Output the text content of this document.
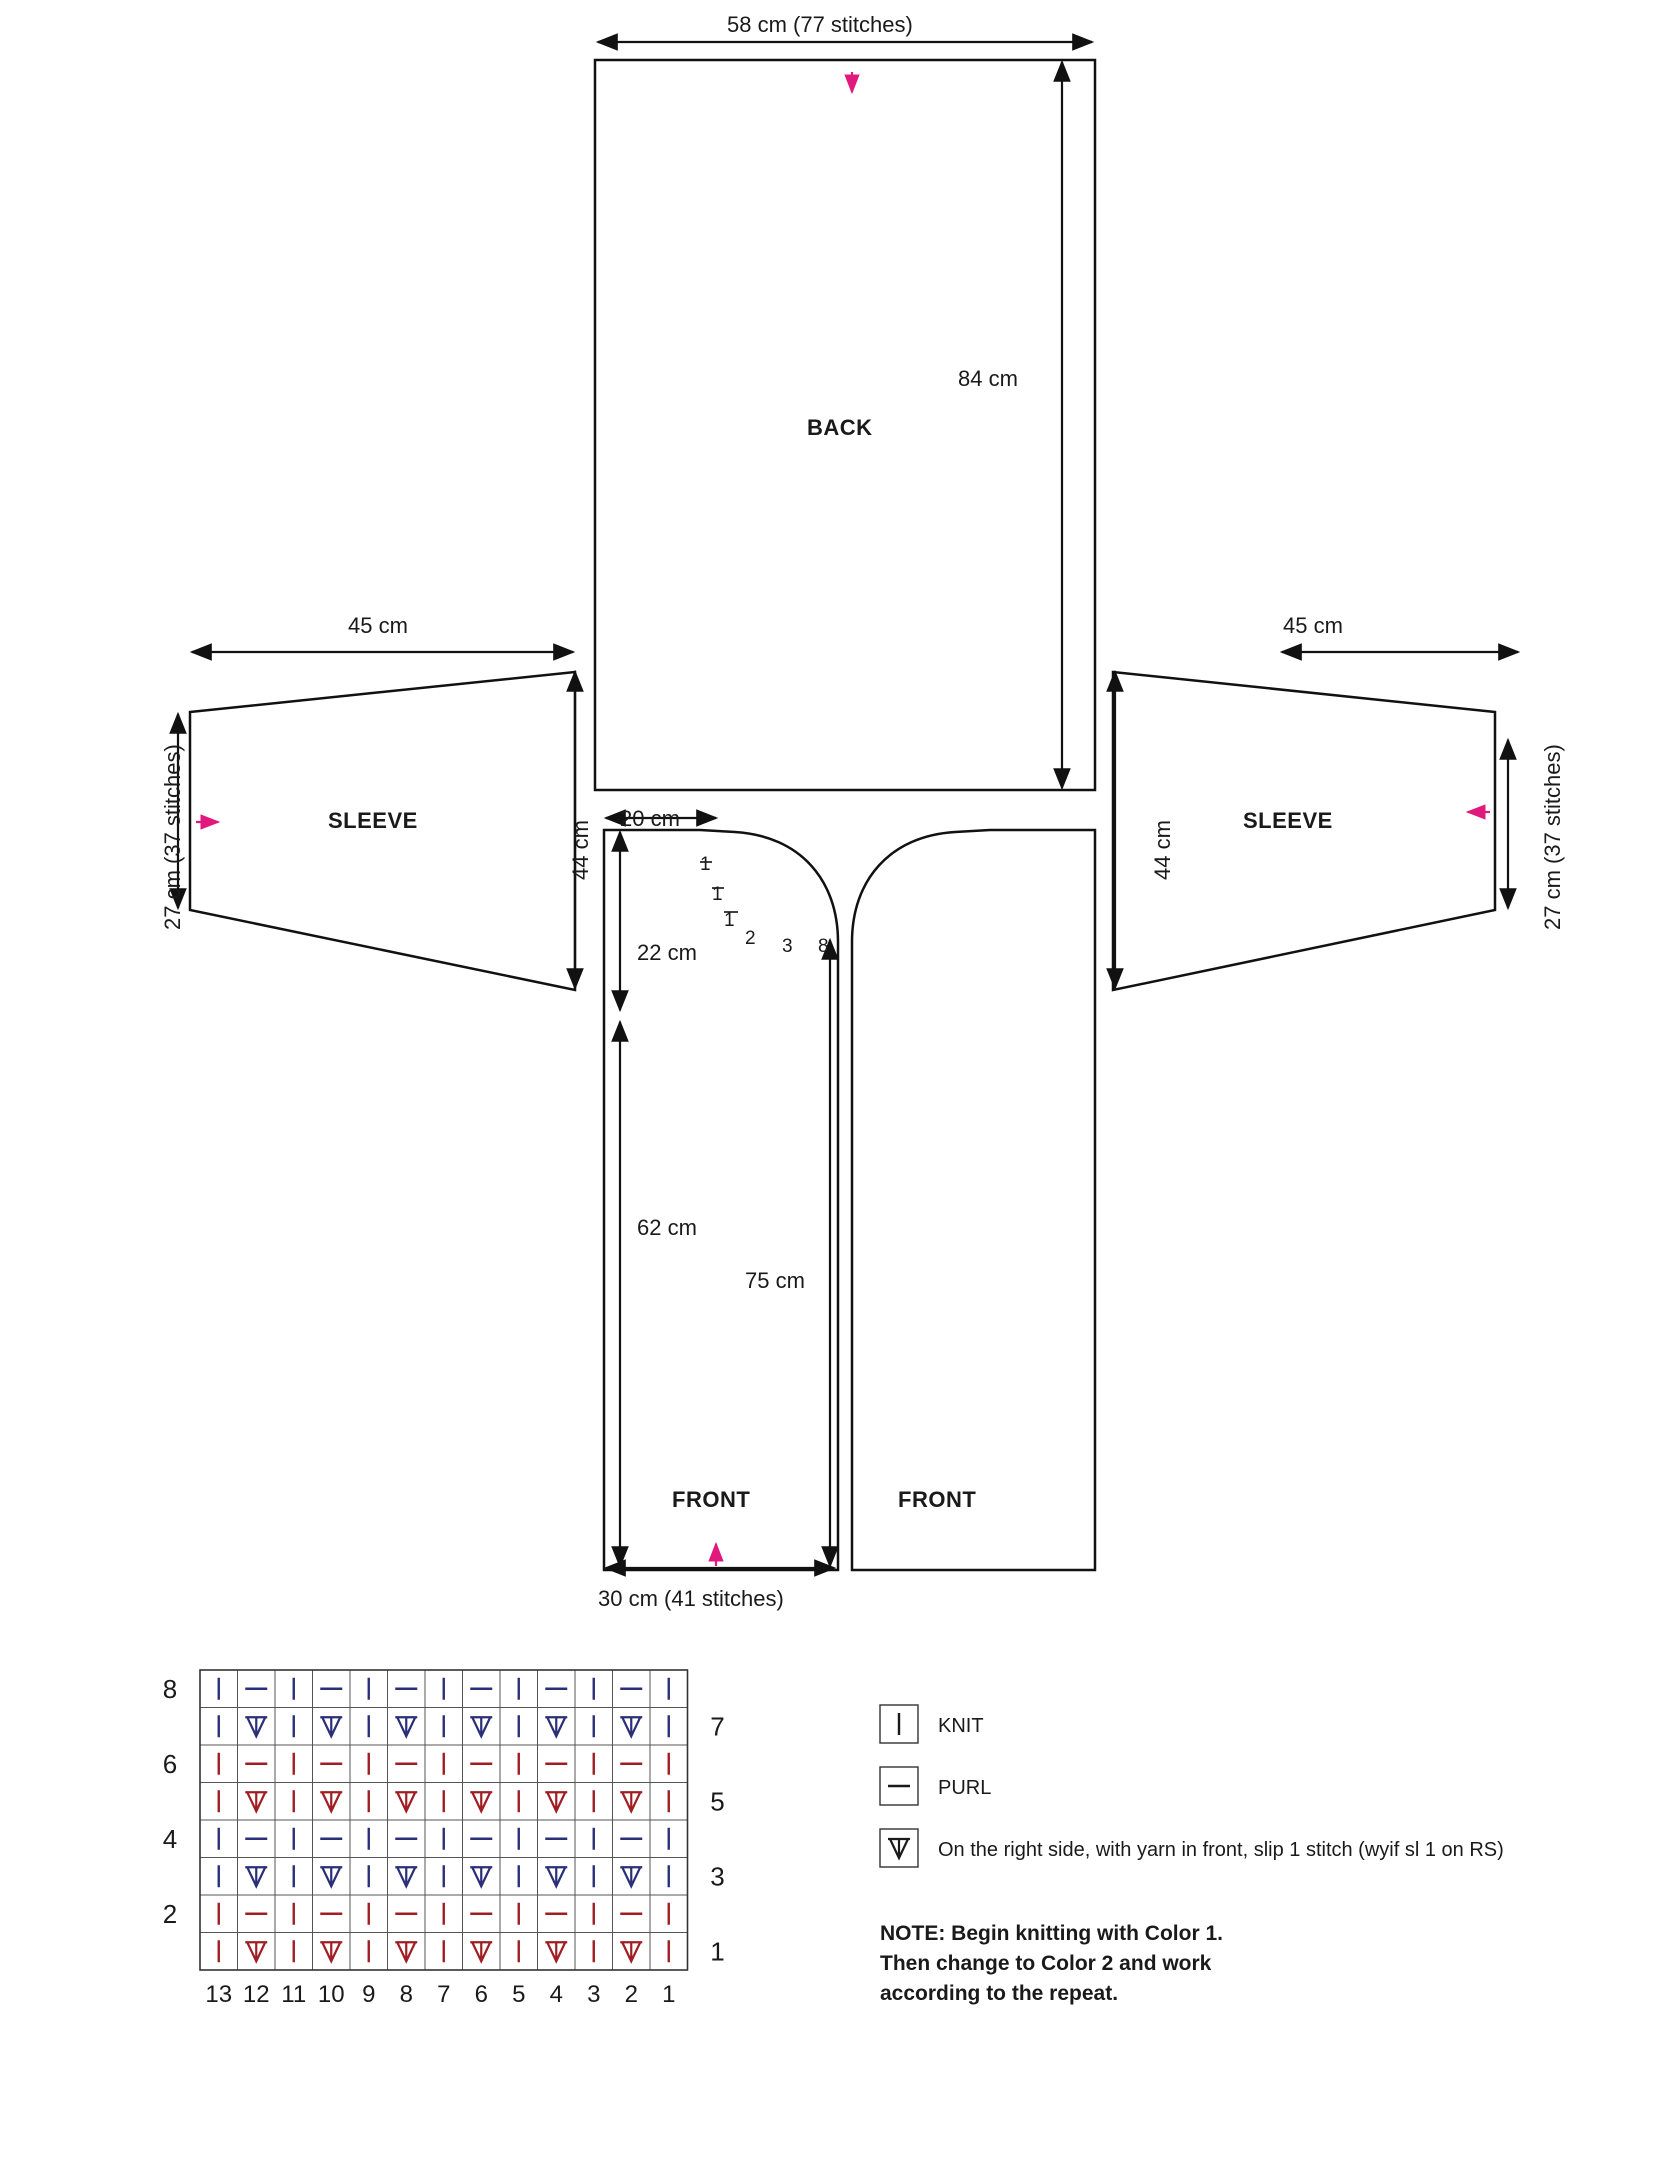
BACK
SLEEVE	SLEEVE
FRONT	FRONT
58 cm (77 stitches)
84 cm
45 cm	45 cm
44 cm	44 cm
27 cm (37 stitches)	27 cm (37 stitches)
20 cm
22 cm
62 cm
75 cm
30 cm (41 stitches)
1
1
1
2 3 8
8
6
4
2
7
5
3
1
13 12 11 10 9 8 7 6 5 4 3 2 1
KNIT
PURL
On the right side, with yarn in front, slip 1 stitch (wyif sl 1 on RS)
NOTE: Begin knitting with Color 1.
Then change to Color 2 and work
according to the repeat.
